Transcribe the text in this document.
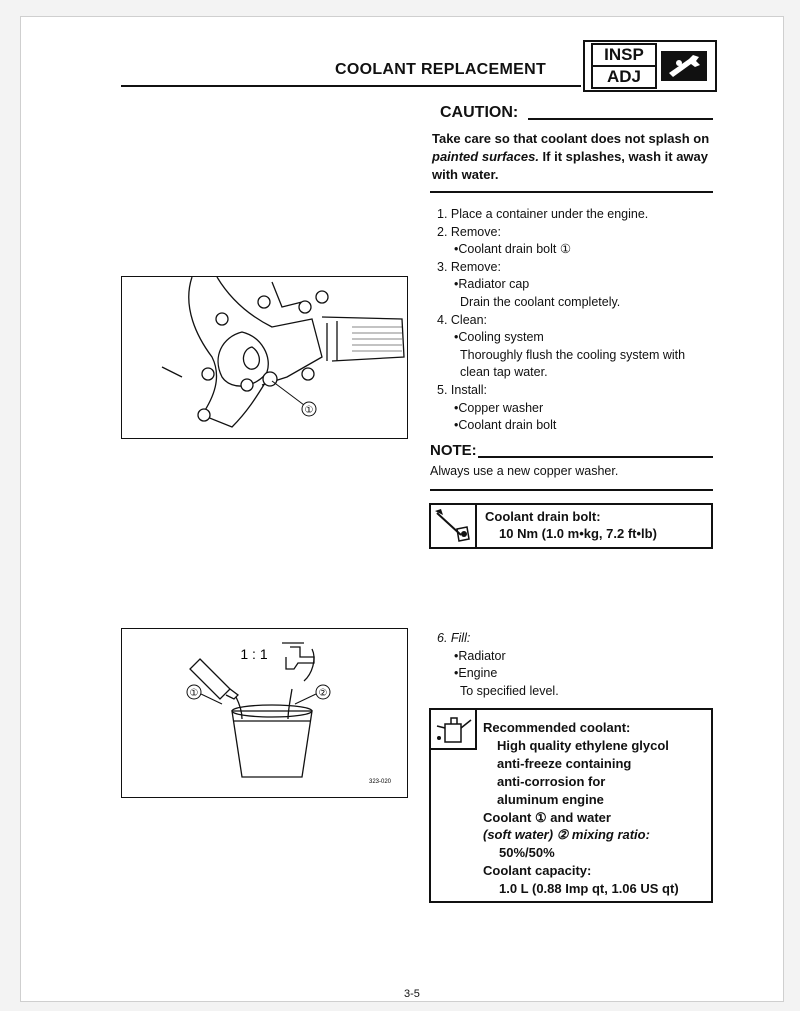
COOLANT REPLACEMENT
INSP
ADJ
CAUTION:
Take care so that coolant does not splash on
painted surfaces. If it splashes, wash it away
with water.
1. Place a container under the engine.
2. Remove:
•Coolant drain bolt ①
3. Remove:
•Radiator cap
Drain the coolant completely.
4. Clean:
•Cooling system
Thoroughly flush the cooling system with
clean tap water.
5. Install:
•Copper washer
•Coolant drain bolt
NOTE:
Always use a new copper washer.
Coolant drain bolt:
10 Nm (1.0 m•kg, 7.2 ft•lb)
①
1 : 1
①	②
323-020
6. Fill:
•Radiator
•Engine
To specified level.
Recommended coolant:
High quality ethylene glycol
anti-freeze containing
anti-corrosion for
aluminum engine
Coolant ① and water
(soft water) ② mixing ratio:
50%/50%
Coolant capacity:
1.0 L (0.88 Imp qt, 1.06 US qt)
3-5
